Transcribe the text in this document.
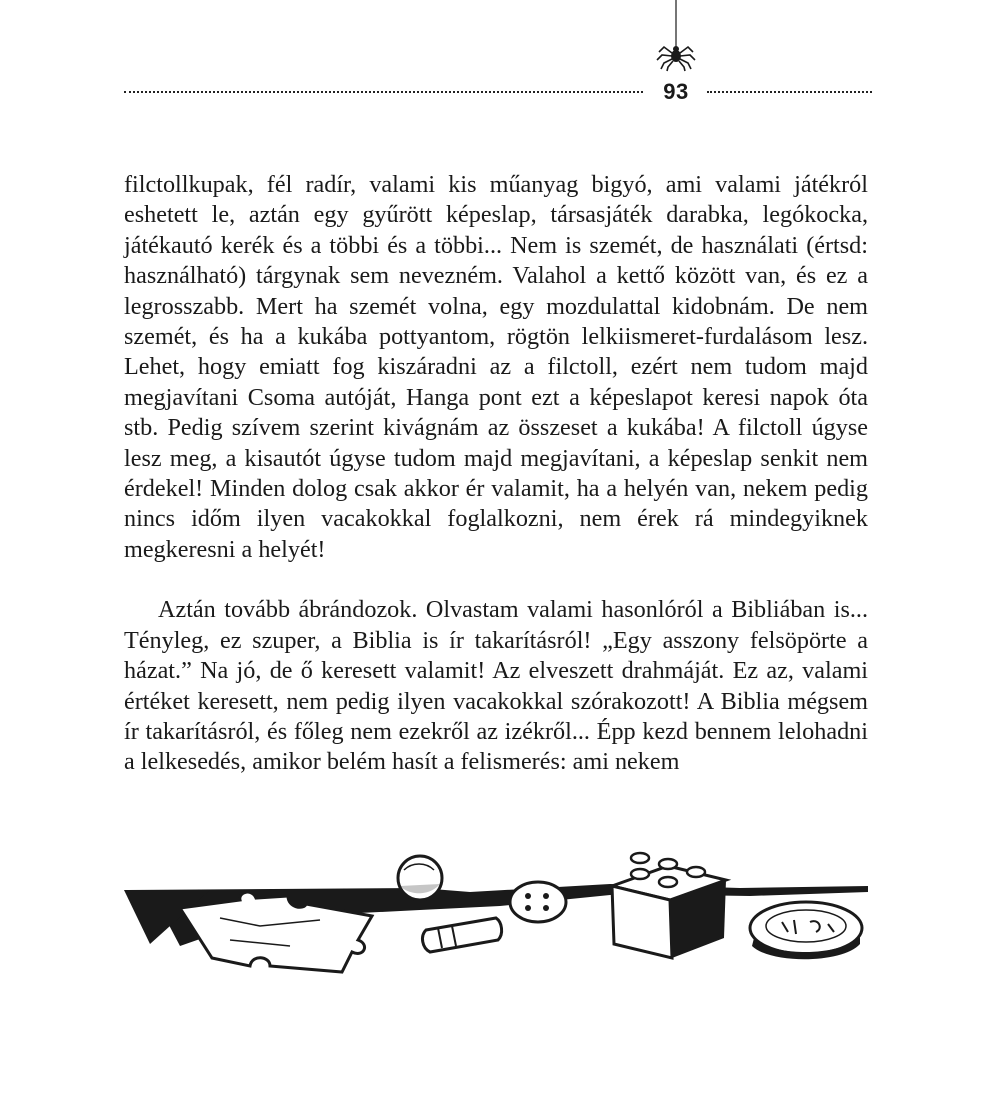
93

filctollkupak, fél radír, valami kis műanyag bigyó, ami valami játékról eshetett le, aztán egy gyűrött képeslap, társasjáték darabka, legókocka, játékautó kerék és a többi és a többi... Nem is szemét, de használati (értsd: használható) tárgynak sem nevezném. Valahol a kettő között van, és ez a legrosszabb. Mert ha szemét volna, egy mozdulattal kidobnám. De nem szemét, és ha a kukába pottyantom, rögtön lelkiismeret-furdalásom lesz. Lehet, hogy emiatt fog kiszáradni az a filctoll, ezért nem tudom majd megjavítani Csoma autóját, Hanga pont ezt a képeslapot keresi napok óta stb. Pedig szívem szerint kivágnám az összeset a kukába! A filctoll úgyse lesz meg, a kisautót úgyse tudom majd megjavítani, a képeslap senkit nem érdekel! Minden dolog csak akkor ér valamit, ha a helyén van, nekem pedig nincs időm ilyen vacakokkal foglalkozni, nem érek rá mindegyiknek megkeresni a helyét!

Aztán tovább ábrándozok. Olvastam valami hasonlóról a Bibliában is... Tényleg, ez szuper, a Biblia is ír takarításról! „Egy asszony felsöpörte a házat.” Na jó, de ő keresett valamit! Az elveszett drahmáját. Ez az, valami értéket keresett, nem pedig ilyen vacakokkal szórakozott! A Biblia mégsem ír takarításról, és főleg nem ezekről az izékről... Épp kezd bennem lelohadni a lelkesedés, amikor belém hasít a felismerés: ami nekem
